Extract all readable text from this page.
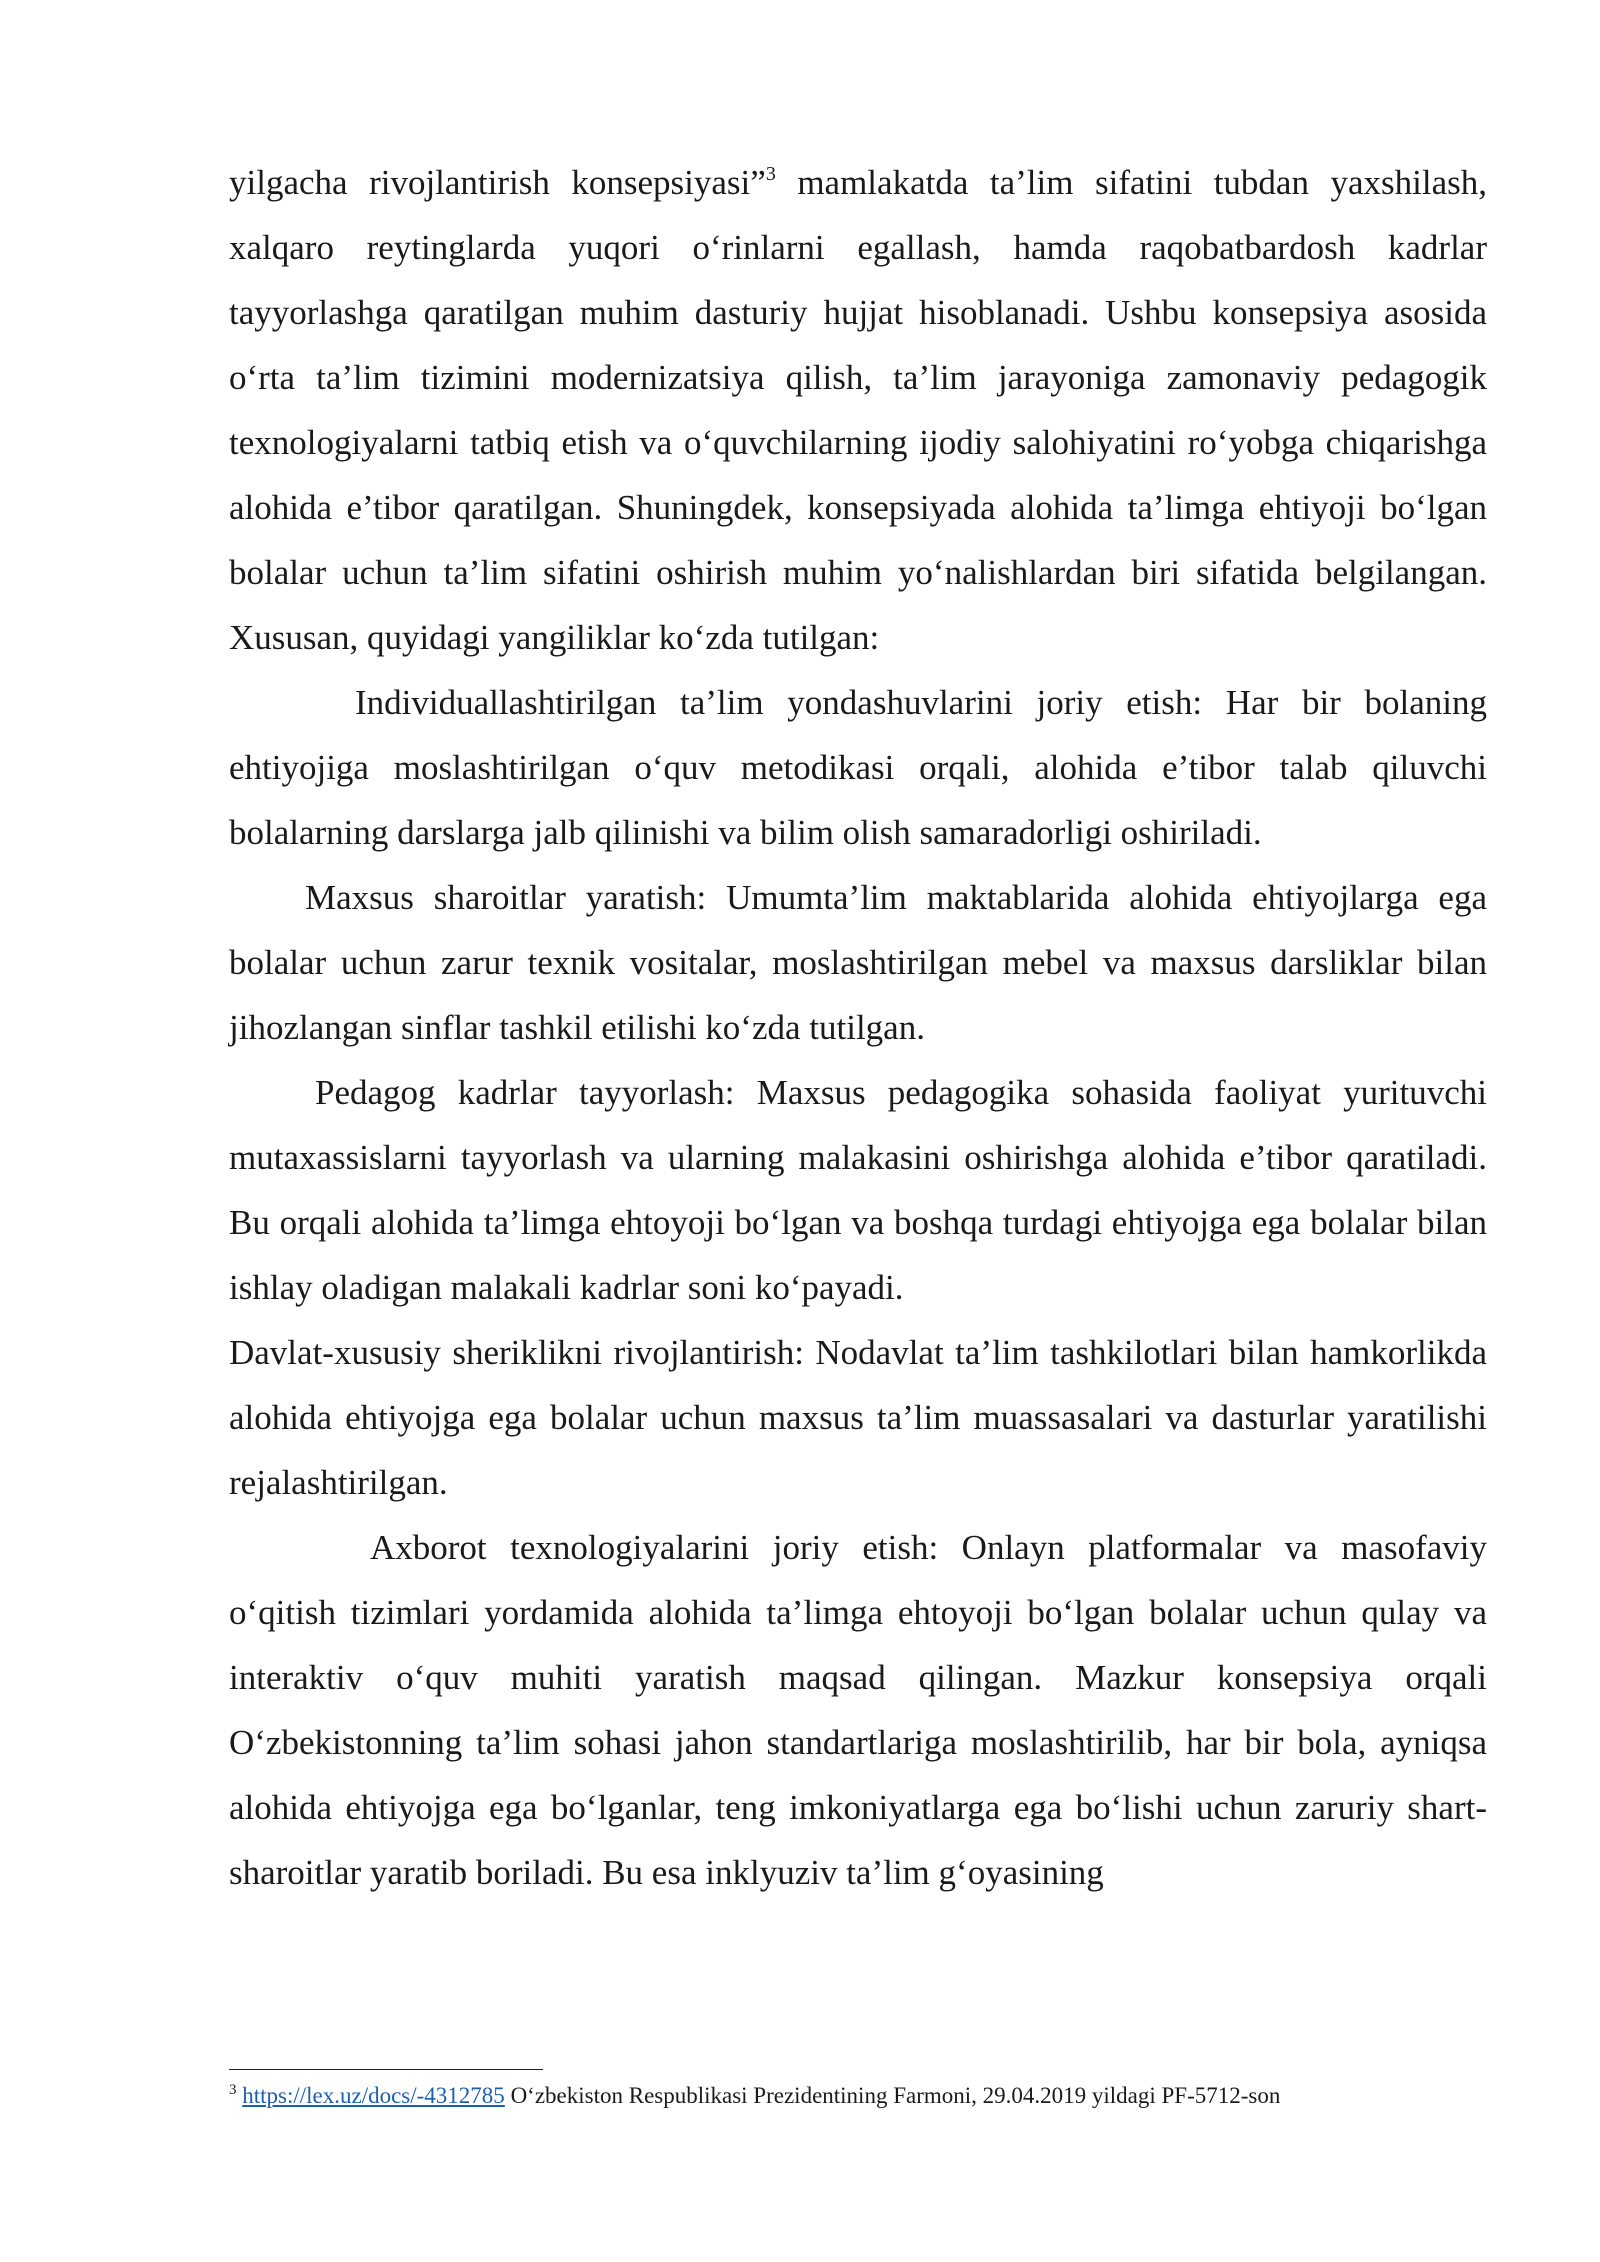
yilgacha rivojlantirish konsepsiyasi”$^3$ mamlakatda ta’lim sifatini tubdan yaxshilash, xalqaro reytinglarda yuqori o‘rinlarni egallash, hamda raqobatbardosh kadrlar tayyorlashga qaratilgan muhim dasturiy hujjat hisoblanadi. Ushbu konsepsiya asosida o‘rta ta’lim tizimini modernizatsiya qilish, ta’lim jarayoniga zamonaviy pedagogik texnologiyalarni tatbiq etish va o‘quvchilarning ijodiy salohiyatini ro‘yobga chiqarishga alohida e’tibor qaratilgan. Shuningdek, konsepsiyada alohida ta’limga ehtiyoji bo‘lgan bolalar uchun ta’lim sifatini oshirish muhim yo‘nalishlardan biri sifatida belgilangan. Xususan, quyidagi yangiliklar ko‘zda tutilgan:

Individuallashtirilgan ta’lim yondashuvlarini joriy etish: Har bir bolaning ehtiyojiga moslashtirilgan o‘quv metodikasi orqali, alohida e’tibor talab qiluvchi bolalarning darslarga jalb qilinishi va bilim olish samaradorligi oshiriladi.

Maxsus sharoitlar yaratish: Umumta’lim maktablarida alohida ehtiyojlarga ega bolalar uchun zarur texnik vositalar, moslashtirilgan mebel va maxsus darsliklar bilan jihozlangan sinflar tashkil etilishi ko‘zda tutilgan.

Pedagog kadrlar tayyorlash: Maxsus pedagogika sohasida faoliyat yurituvchi mutaxassislarni tayyorlash va ularning malakasini oshirishga alohida e’tibor qaratiladi. Bu orqali alohida ta’limga ehtoyoji bo‘lgan va boshqa turdagi ehtiyojga ega bolalar bilan ishlay oladigan malakali kadrlar soni ko‘payadi.

Davlat-xususiy sheriklikni rivojlantirish: Nodavlat ta’lim tashkilotlari bilan hamkorlikda alohida ehtiyojga ega bolalar uchun maxsus ta’lim muassasalari va dasturlar yaratilishi rejalashtirilgan.

Axborot texnologiyalarini joriy etish: Onlayn platformalar va masofaviy o‘qitish tizimlari yordamida alohida ta’limga ehtoyoji bo‘lgan bolalar uchun qulay va interaktiv o‘quv muhiti yaratish maqsad qilingan. Mazkur konsepsiya orqali O‘zbekistonning ta’lim sohasi jahon standartlariga moslashtirilib, har bir bola, ayniqsa alohida ehtiyojga ega bo‘lganlar, teng imkoniyatlarga ega bo‘lishi uchun zaruriy shart-sharoitlar yaratib boriladi. Bu esa inklyuziv ta’lim g‘oyasining

$^3$ https://lex.uz/docs/-4312785 O‘zbekiston Respublikasi Prezidentining Farmoni, 29.04.2019 yildagi PF-5712-son
